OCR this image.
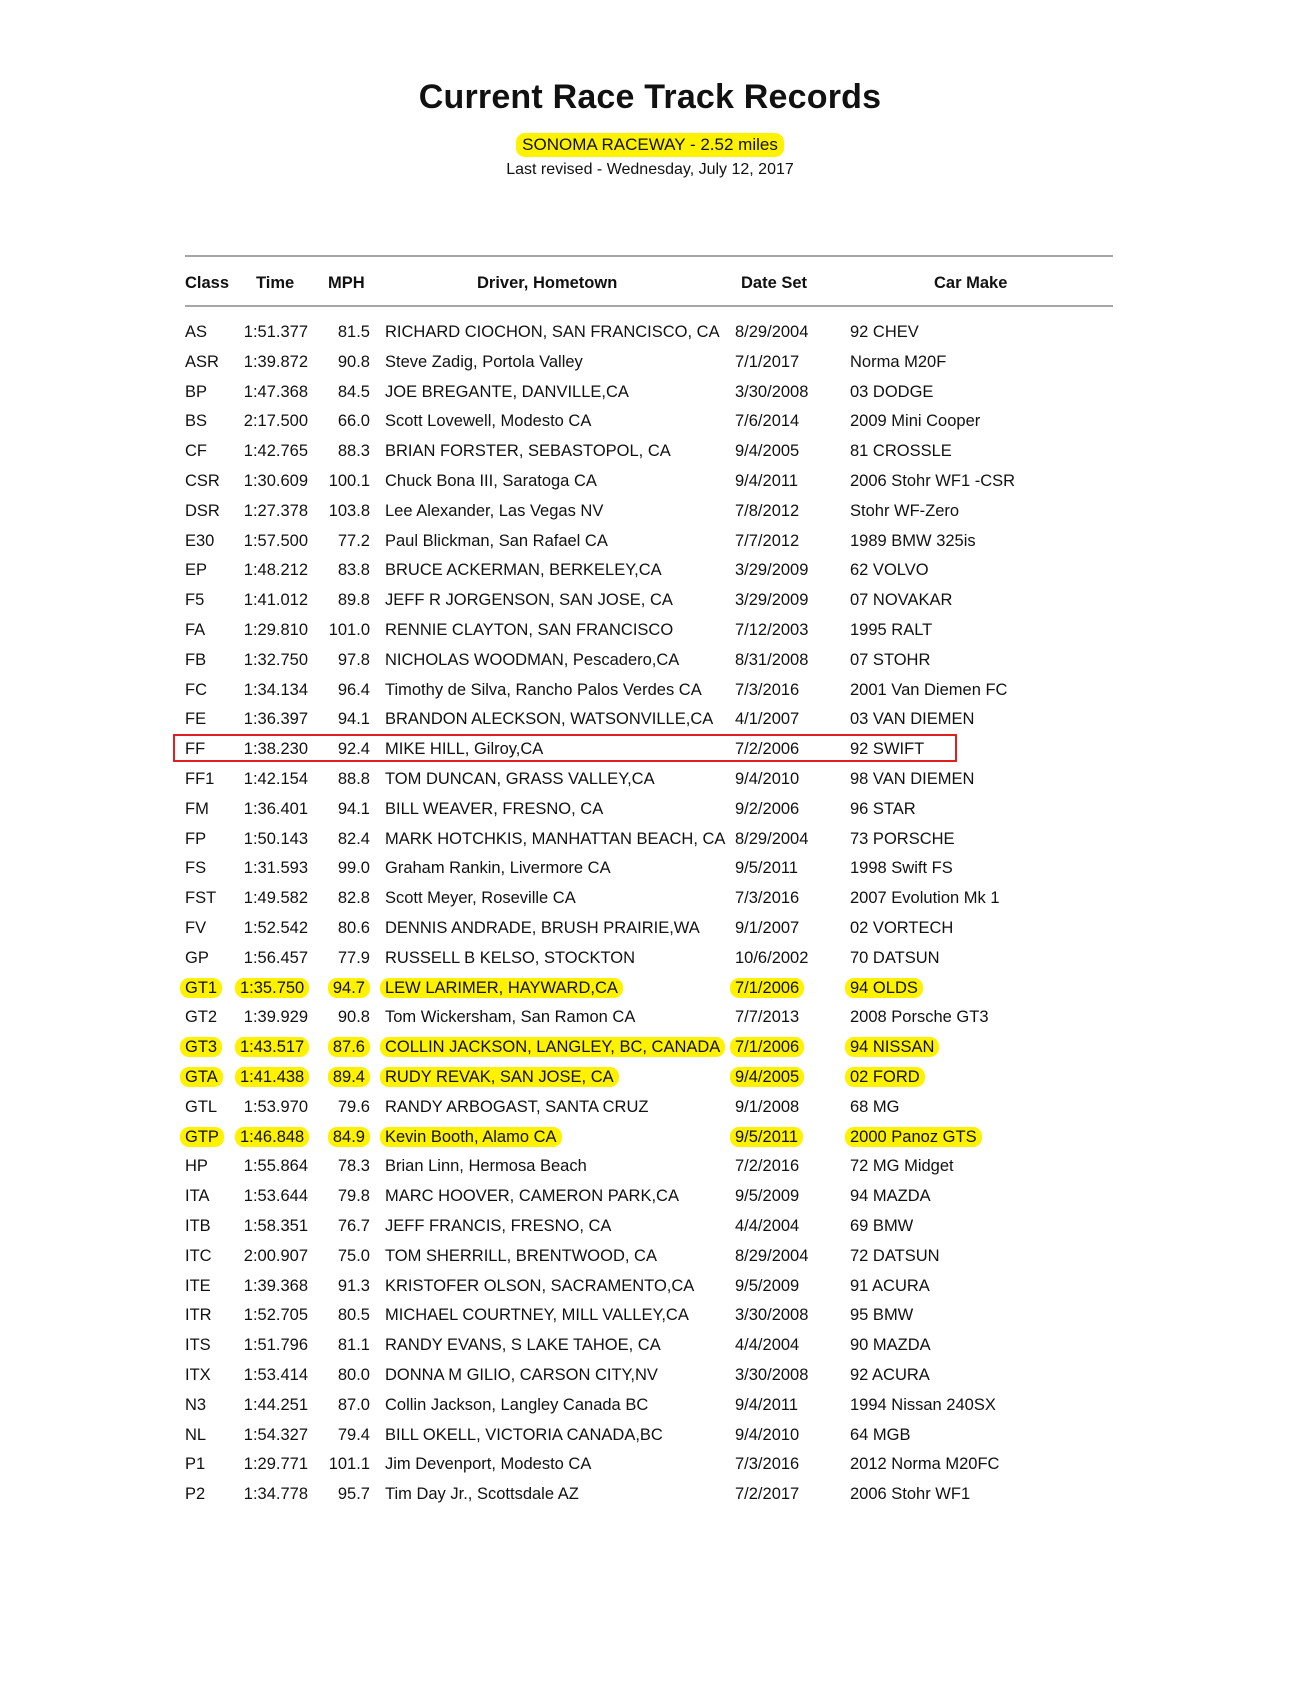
Current Race Track Records
SONOMA RACEWAY - 2.52 miles
Last revised - Wednesday, July 12, 2017
Class Time MPH	Driver, Hometown	Date Set	Car Make
AS 1:51.377	81.5 RICHARD CIOCHON, SAN FRANCISCO, CA 8/29/2004	92 CHEV
ASR 1:39.872	90.8 Steve Zadig, Portola Valley	7/1/2017	Norma M20F
BP 1:47.368	84.5 JOE BREGANTE, DANVILLE,CA	3/30/2008	03 DODGE
BS 2:17.500	66.0 Scott Lovewell, Modesto CA	7/6/2014	2009 Mini Cooper
CF 1:42.765	88.3 BRIAN FORSTER, SEBASTOPOL, CA	9/4/2005	81 CROSSLE
CSR 1:30.609	100.1 Chuck Bona III, Saratoga CA	9/4/2011	2006 Stohr WF1 -CSR
DSR 1:27.378	103.8 Lee Alexander, Las Vegas NV	7/8/2012	Stohr WF-Zero
E30 1:57.500	77.2 Paul Blickman, San Rafael CA	7/7/2012	1989 BMW 325is
EP 1:48.212	83.8 BRUCE ACKERMAN, BERKELEY,CA	3/29/2009	62 VOLVO
F5 1:41.012	89.8 JEFF R JORGENSON, SAN JOSE, CA	3/29/2009	07 NOVAKAR
FA 1:29.810	101.0 RENNIE CLAYTON, SAN FRANCISCO	7/12/2003	1995 RALT
FB 1:32.750	97.8 NICHOLAS WOODMAN, Pescadero,CA	8/31/2008	07 STOHR
FC 1:34.134	96.4 Timothy de Silva, Rancho Palos Verdes CA 7/3/2016	2001 Van Diemen FC
FE 1:36.397	94.1 BRANDON ALECKSON, WATSONVILLE,CA 4/1/2007	03 VAN DIEMEN
FF 1:38.230	92.4 MIKE HILL, Gilroy,CA	7/2/2006	92 SWIFT
FF1 1:42.154	88.8 TOM DUNCAN, GRASS VALLEY,CA	9/4/2010	98 VAN DIEMEN
FM 1:36.401	94.1 BILL WEAVER, FRESNO, CA	9/2/2006	96 STAR
FP 1:50.143	82.4 MARK HOTCHKIS, MANHATTAN BEACH, CA 8/29/2004	73 PORSCHE
FS 1:31.593	99.0 Graham Rankin, Livermore CA	9/5/2011	1998 Swift FS
FST 1:49.582	82.8 Scott Meyer, Roseville CA	7/3/2016	2007 Evolution Mk 1
FV 1:52.542	80.6 DENNIS ANDRADE, BRUSH PRAIRIE,WA 9/1/2007	02 VORTECH
GP 1:56.457	77.9 RUSSELL B KELSO, STOCKTON	10/6/2002	70 DATSUN
GT1	1:35.750	94.7	LEW LARIMER, HAYWARD,CA	7/1/2006	94 OLDS
GT2 1:39.929	90.8 Tom Wickersham, San Ramon CA	7/7/2013	2008 Porsche GT3
GT3	1:43.517	87.6	COLLIN JACKSON, LANGLEY, BC, CANADA 7/1/2006	94 NISSAN
GTA	1:41.438	89.4	RUDY REVAK, SAN JOSE, CA	9/4/2005	02 FORD
GTL 1:53.970	79.6 RANDY ARBOGAST, SANTA CRUZ	9/1/2008	68 MG
GTP	1:46.848	84.9	Kevin Booth, Alamo CA	9/5/2011	2000 Panoz GTS
HP 1:55.864	78.3 Brian Linn, Hermosa Beach	7/2/2016	72 MG Midget
ITA 1:53.644	79.8 MARC HOOVER, CAMERON PARK,CA	9/5/2009	94 MAZDA
ITB 1:58.351	76.7 JEFF FRANCIS, FRESNO, CA	4/4/2004	69 BMW
ITC 2:00.907	75.0 TOM SHERRILL, BRENTWOOD, CA	8/29/2004	72 DATSUN
ITE 1:39.368	91.3 KRISTOFER OLSON, SACRAMENTO,CA 9/5/2009	91 ACURA
ITR 1:52.705	80.5 MICHAEL COURTNEY, MILL VALLEY,CA	3/30/2008	95 BMW
ITS 1:51.796	81.1 RANDY EVANS, S LAKE TAHOE, CA	4/4/2004	90 MAZDA
ITX 1:53.414	80.0 DONNA M GILIO, CARSON CITY,NV	3/30/2008	92 ACURA
N3 1:44.251	87.0 Collin Jackson, Langley Canada BC	9/4/2011	1994 Nissan 240SX
NL 1:54.327	79.4 BILL OKELL, VICTORIA CANADA,BC	9/4/2010	64 MGB
P1 1:29.771	101.1 Jim Devenport, Modesto CA	7/3/2016	2012 Norma M20FC
P2 1:34.778	95.7 Tim Day Jr., Scottsdale AZ	7/2/2017	2006 Stohr WF1
